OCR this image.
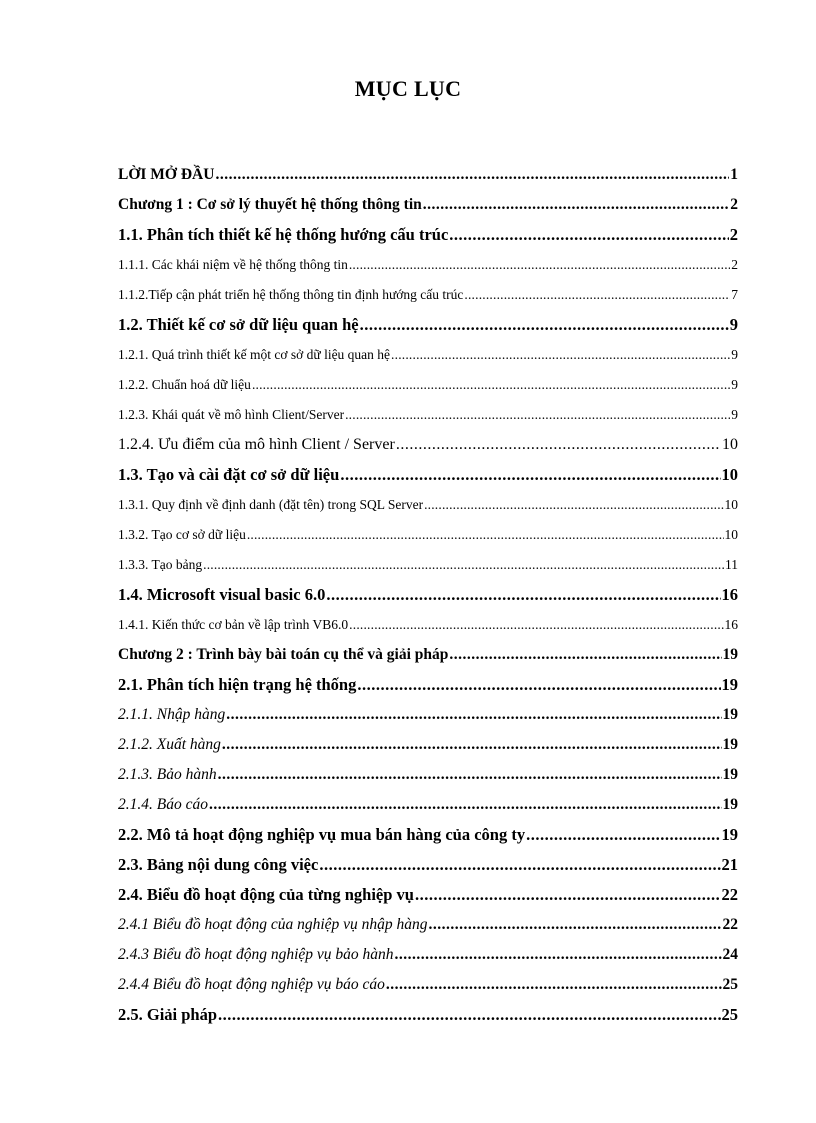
MỤC LỤC
LỜI MỞ ĐẦU .....	1
Chương 1 : Cơ sở lý thuyết hệ thống thông tin .....	2
1.1. Phân tích thiết kế hệ thống hướng cấu trúc .....	2
1.1.1. Các khái niệm về hệ thống thông tin .....	2
1.1.2.Tiếp cận phát triển hệ thống thông tin định hướng cấu trúc .....	7
1.2. Thiết kế cơ sở dữ liệu quan hệ .....	9
1.2.1. Quá trình thiết kế một cơ sở dữ liệu quan hệ .....	9
1.2.2. Chuẩn hoá dữ liệu .....	9
1.2.3. Khái quát về mô hình Client/Server .....	9
1.2.4. Ưu điểm của mô hình Client / Server .....	10
1.3. Tạo và cài đặt cơ sở dữ liệu .....	10
1.3.1. Quy định về định danh (đặt tên) trong SQL Server .....	10
1.3.2. Tạo cơ sở dữ liệu .....	10
1.3.3. Tạo bảng .....	11
1.4. Microsoft visual basic 6.0 .....	16
1.4.1. Kiến thức cơ bản về lập trình VB6.0 .....	16
Chương 2 : Trình bày bài toán cụ thể và giải pháp .....	19
2.1. Phân tích hiện trạng hệ thống .....	19
2.1.1. Nhập hàng .....	19
2.1.2. Xuất hàng .....	19
2.1.3. Bảo hành .....	19
2.1.4. Báo cáo .....	19
2.2. Mô tả hoạt động nghiệp vụ mua bán hàng của công ty .....	19
2.3. Bảng nội dung công việc .....	21
2.4. Biểu đồ hoạt động của từng nghiệp vụ .....	22
2.4.1 Biểu đồ hoạt động của nghiệp vụ nhập hàng .....	22
2.4.3 Biểu đồ hoạt động nghiệp vụ bảo hành .....	24
2.4.4 Biểu đồ hoạt động nghiệp vụ báo cáo .....	25
2.5. Giải pháp .....	25
